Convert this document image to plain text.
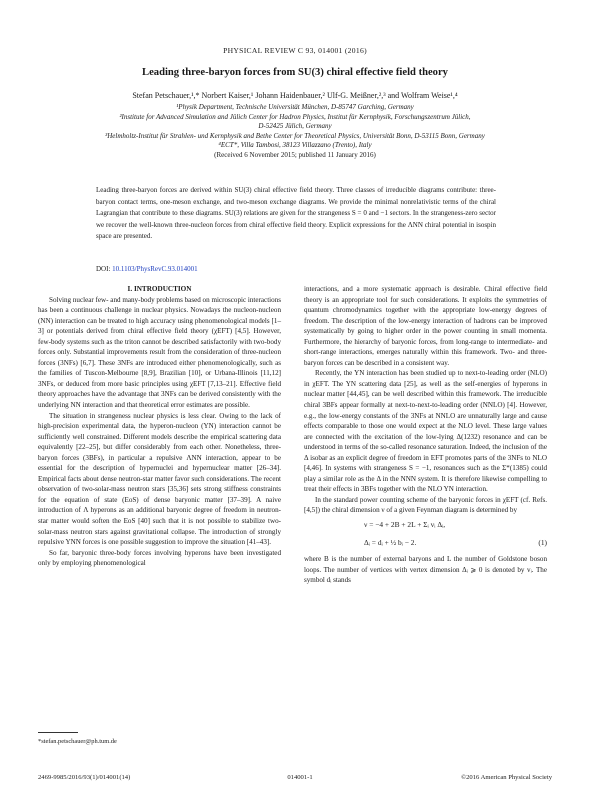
PHYSICAL REVIEW C 93, 014001 (2016)
Leading three-baryon forces from SU(3) chiral effective field theory
Stefan Petschauer,¹,* Norbert Kaiser,¹ Johann Haidenbauer,² Ulf-G. Meißner,²,³ and Wolfram Weise¹,⁴
¹Physik Department, Technische Universität München, D-85747 Garching, Germany
²Institute for Advanced Simulation and Jülich Center for Hadron Physics, Institut für Kernphysik, Forschungszentrum Jülich,
D-52425 Jülich, Germany
³Helmholtz-Institut für Strahlen- und Kernphysik and Bethe Center for Theoretical Physics, Universität Bonn, D-53115 Bonn, Germany
⁴ECT*, Villa Tambosi, 38123 Villazzano (Trento), Italy
(Received 6 November 2015; published 11 January 2016)
Leading three-baryon forces are derived within SU(3) chiral effective field theory. Three classes of irreducible diagrams contribute: three-baryon contact terms, one-meson exchange, and two-meson exchange diagrams. We provide the minimal nonrelativistic terms of the chiral Lagrangian that contribute to these diagrams. SU(3) relations are given for the strangeness S = 0 and −1 sectors. In the strangeness-zero sector we recover the well-known three-nucleon forces from chiral effective field theory. Explicit expressions for the ΛNN chiral potential in isospin space are presented.
DOI: 10.1103/PhysRevC.93.014001

I. INTRODUCTION

Solving nuclear few- and many-body problems based on microscopic interactions has been a continuous challenge in nuclear physics. Nowadays the nucleon-nucleon (NN) interaction can be treated to high accuracy using phenomenological models [1–3] or potentials derived from chiral effective field theory (χEFT) [4,5]. However, few-body systems such as the triton cannot be described satisfactorily with two-body forces only. Substantial improvements result from the consideration of three-nucleon forces (3NFs) [6,7]. These 3NFs are introduced either phenomenologically, such as the families of Tuscon-Melbourne [8,9], Brazilian [10], or Urbana-Illinois [11,12] 3NFs, or deduced from more basic principles using χEFT [7,13–21]. Effective field theory approaches have the advantage that 3NFs can be derived consistently with the underlying NN interaction and that theoretical error estimates are possible.

The situation in strangeness nuclear physics is less clear. Owing to the lack of high-precision experimental data, the hyperon-nucleon (YN) interaction cannot be sufficiently well constrained. Different models describe the empirical scattering data equivalently [22–25], but differ considerably from each other. Nonetheless, three-baryon forces (3BFs), in particular a repulsive ΛNN interaction, appear to be essential for the description of hypernuclei and hypernuclear matter [26–34]. Empirical facts about dense neutron-star matter favor such considerations. The recent observation of two-solar-mass neutron stars [35,36] sets strong stiffness constraints for the equation of state (EoS) of dense baryonic matter [37–39]. A naive introduction of Λ hyperons as an additional baryonic degree of freedom in neutron-star matter would soften the EoS [40] such that it is not possible to stabilize two-solar-mass neutron stars against gravitational collapse. The introduction of strongly repulsive YNN forces is one possible suggestion to improve the situation [41–43].

So far, baryonic three-body forces involving hyperons have been investigated only by employing phenomenological

interactions, and a more systematic approach is desirable. Chiral effective field theory is an appropriate tool for such considerations. It exploits the symmetries of quantum chromodynamics together with the appropriate low-energy degrees of freedom. The description of the low-energy interaction of hadrons can be improved systematically by going to higher order in the power counting in small momenta. Furthermore, the hierarchy of baryonic forces, from long-range to intermediate- and short-range interactions, emerges naturally within this framework. Two- and three-baryon forces can be described in a consistent way.

Recently, the YN interaction has been studied up to next-to-leading order (NLO) in χEFT. The YN scattering data [25], as well as the self-energies of hyperons in nuclear matter [44,45], can be well described within this framework. The irreducible chiral 3BFs appear formally at next-to-next-to-leading order (NNLO) [4]. However, e.g., the low-energy constants of the 3NFs at NNLO are unnaturally large and cause effects comparable to those one would expect at the NLO level. These large values are connected with the excitation of the low-lying Δ(1232) resonance and can be understood in terms of the so-called resonance saturation. Indeed, the inclusion of the Δ isobar as an explicit degree of freedom in EFT promotes parts of the 3NFs to NLO [4,46]. In systems with strangeness S = −1, resonances such as the Σ*(1385) could play a similar role as the Δ in the NNN system. It is therefore likewise compelling to treat their effects in 3BFs together with the NLO YN interaction.

In the standard power counting scheme of the baryonic forces in χEFT (cf. Refs. [4,5]) the chiral dimension ν of a given Feynman diagram is determined by

ν = −4 + 2B + 2L + Σᵢ vᵢ Δᵢ,
Δᵢ = dᵢ + ½ bᵢ − 2.	(1)

where B is the number of external baryons and L the number of Goldstone boson loops. The number of vertices with vertex dimension Δᵢ ⩾ 0 is denoted by vᵢ. The symbol dᵢ stands

*stefan.petschauer@ph.tum.de
2469-9985/2016/93(1)/014001(14)	014001-1	©2016 American Physical Society
